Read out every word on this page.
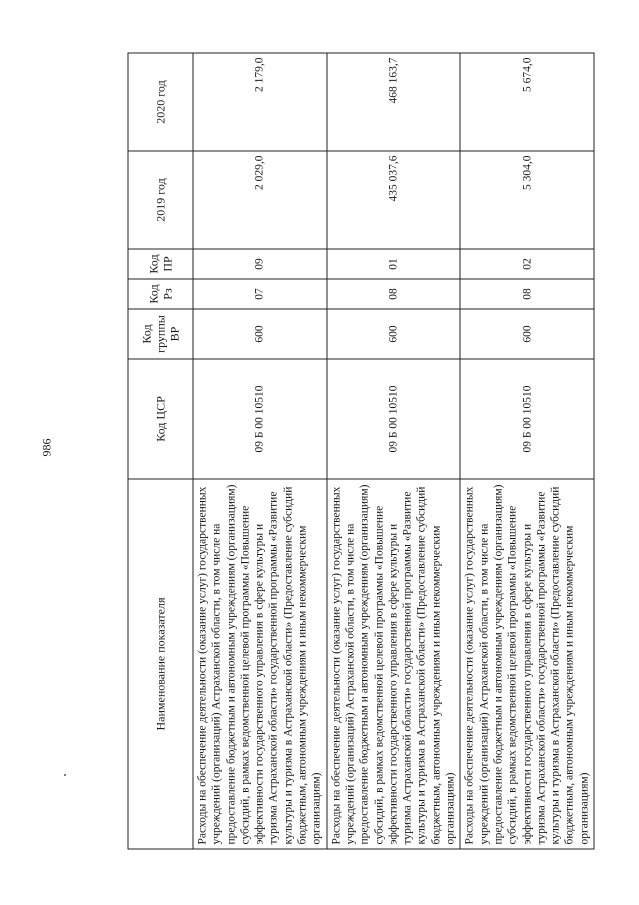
986
Наименование показателя	Код ЦСР	Код группы ВР	Код Рз	Код ПР	2019 год	2020 год
Расходы на обеспечение деятельности (оказание услуг) государственных учреждений (организаций) Астраханской области, в том числе на предоставление бюджетным и автономным учреждениям (организациям) субсидий, в рамках ведомственной целевой программы «Повышение эффективности государственного управления в сфере культуры и туризма Астраханской области» государственной программы «Развитие культуры и туризма в Астраханской области» (Предоставление субсидий бюджетным, автономным учреждениям и иным некоммерческим организациям)	09 Б 00 10510	600	07	09	2 029,0	2 179,0
Расходы на обеспечение деятельности (оказание услуг) государственных учреждений (организаций) Астраханской области, в том числе на предоставление бюджетным и автономным учреждениям (организациям) субсидий, в рамках ведомственной целевой программы «Повышение эффективности государственного управления в сфере культуры и туризма Астраханской области» государственной программы «Развитие культуры и туризма в Астраханской области» (Предоставление субсидий бюджетным, автономным учреждениям и иным некоммерческим организациям)	09 Б 00 10510	600	08	01	435 037,6	468 163,7
Расходы на обеспечение деятельности (оказание услуг) государственных учреждений (организаций) Астраханской области, в том числе на предоставление бюджетным и автономным учреждениям (организациям) субсидий, в рамках ведомственной целевой программы «Повышение эффективности государственного управления в сфере культуры и туризма Астраханской области» государственной программы «Развитие культуры и туризма в Астраханской области» (Предоставление субсидий бюджетным, автономным учреждениям и иным некоммерческим организациям)	09 Б 00 10510	600	08	02	5 304,0	5 674,0
